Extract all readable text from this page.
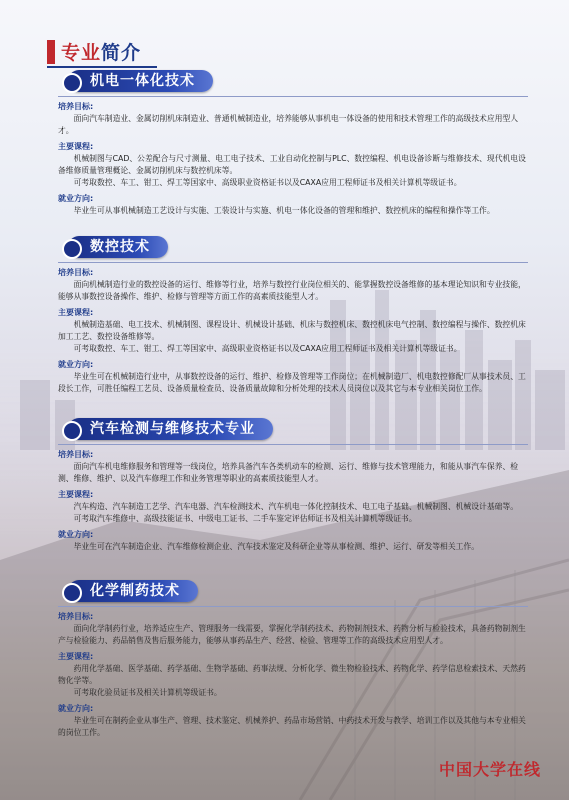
专业 简介
机电一体化技术
培养目标:
面向汽车制造业、金属切削机床制造业、普通机械制造业，培养能够从事机电一体设备的使用和技术管理工作的高级技术应用型人才。
主要课程:
机械制图与CAD、公差配合与尺寸测量、电工电子技术、工业自动化控制与PLC、数控编程、机电设备诊断与维修技术、现代机电设备维修质量管理概论、金属切削机床与数控机床等。
可考取数控、车工、钳工、焊工等国家中、高级职业资格证书以及CAXA应用工程师证书及相关计算机等级证书。
就业方向:
毕业生可从事机械制造工艺设计与实施、工装设计与实施、机电一体化设备的管理和维护、数控机床的编程和操作等工作。
数控技术
培养目标:
面向机械制造行业的数控设备的运行、维修等行业，培养与数控行业岗位相关的、能掌握数控设备维修的基本理论知识和专业技能，能够从事数控设备操作、维护、检修与管理等方面工作的高素质技能型人才。
主要课程:
机械制造基础、电工技术、机械制图、课程设计、机械设计基础、机床与数控机床、数控机床电气控制、数控编程与操作、数控机床加工工艺、数控设备维修等。
可考取数控、车工、钳工、焊工等国家中、高级职业资格证书以及CAXA应用工程师证书及相关计算机等级证书。
就业方向:
毕业生可在机械制造行业中，从事数控设备的运行、维护、检修及管理等工作岗位；在机械制造厂、机电数控修配厂从事技术员、工段长工作，可胜任编程工艺员、设备质量检查员、设备质量故障和分析处理的技术人员岗位以及其它与本专业相关岗位工作。
汽车检测与维修技术专业
培养目标:
面向汽车机电维修服务和管理等一线岗位，培养具备汽车各类机动车的检测、运行、维修与技术管理能力，和能从事汽车保养、检测、维修、维护、以及汽车修理工作和业务管理等职业的高素质技能型人才。
主要课程:
汽车构造、汽车制造工艺学、汽车电器、汽车检测技术、汽车机电一体化控制技术、电工电子基础、机械制图、机械设计基础等。
可考取汽车维修中、高级技能证书、中级电工证书、二手车鉴定评估师证书及相关计算机等级证书。
就业方向:
毕业生可在汽车制造企业、汽车维修检测企业、汽车技术鉴定及科研企业等从事检测、维护、运行、研发等相关工作。
化学制药技术
培养目标:
面向化学制药行业，培养适应生产、管理服务一线需要，掌握化学制药技术、药物制剂技术、药物分析与检验技术，具备药物制剂生产与检验能力、药品销售及售后服务能力，能够从事药品生产、经营、检验、管理等工作的高级技术应用型人才。
主要课程:
药用化学基础、医学基础、药学基础、生物学基础、药事法规、分析化学、微生物检验技术、药物化学、药学信息检索技术、天然药物化学等。
可考取化验员证书及相关计算机等级证书。
就业方向:
毕业生可在制药企业从事生产、管理、技术鉴定、机械养护、药品市场营销、中药技术开发与教学、培训工作以及其他与本专业相关的岗位工作。
中国大学在线
